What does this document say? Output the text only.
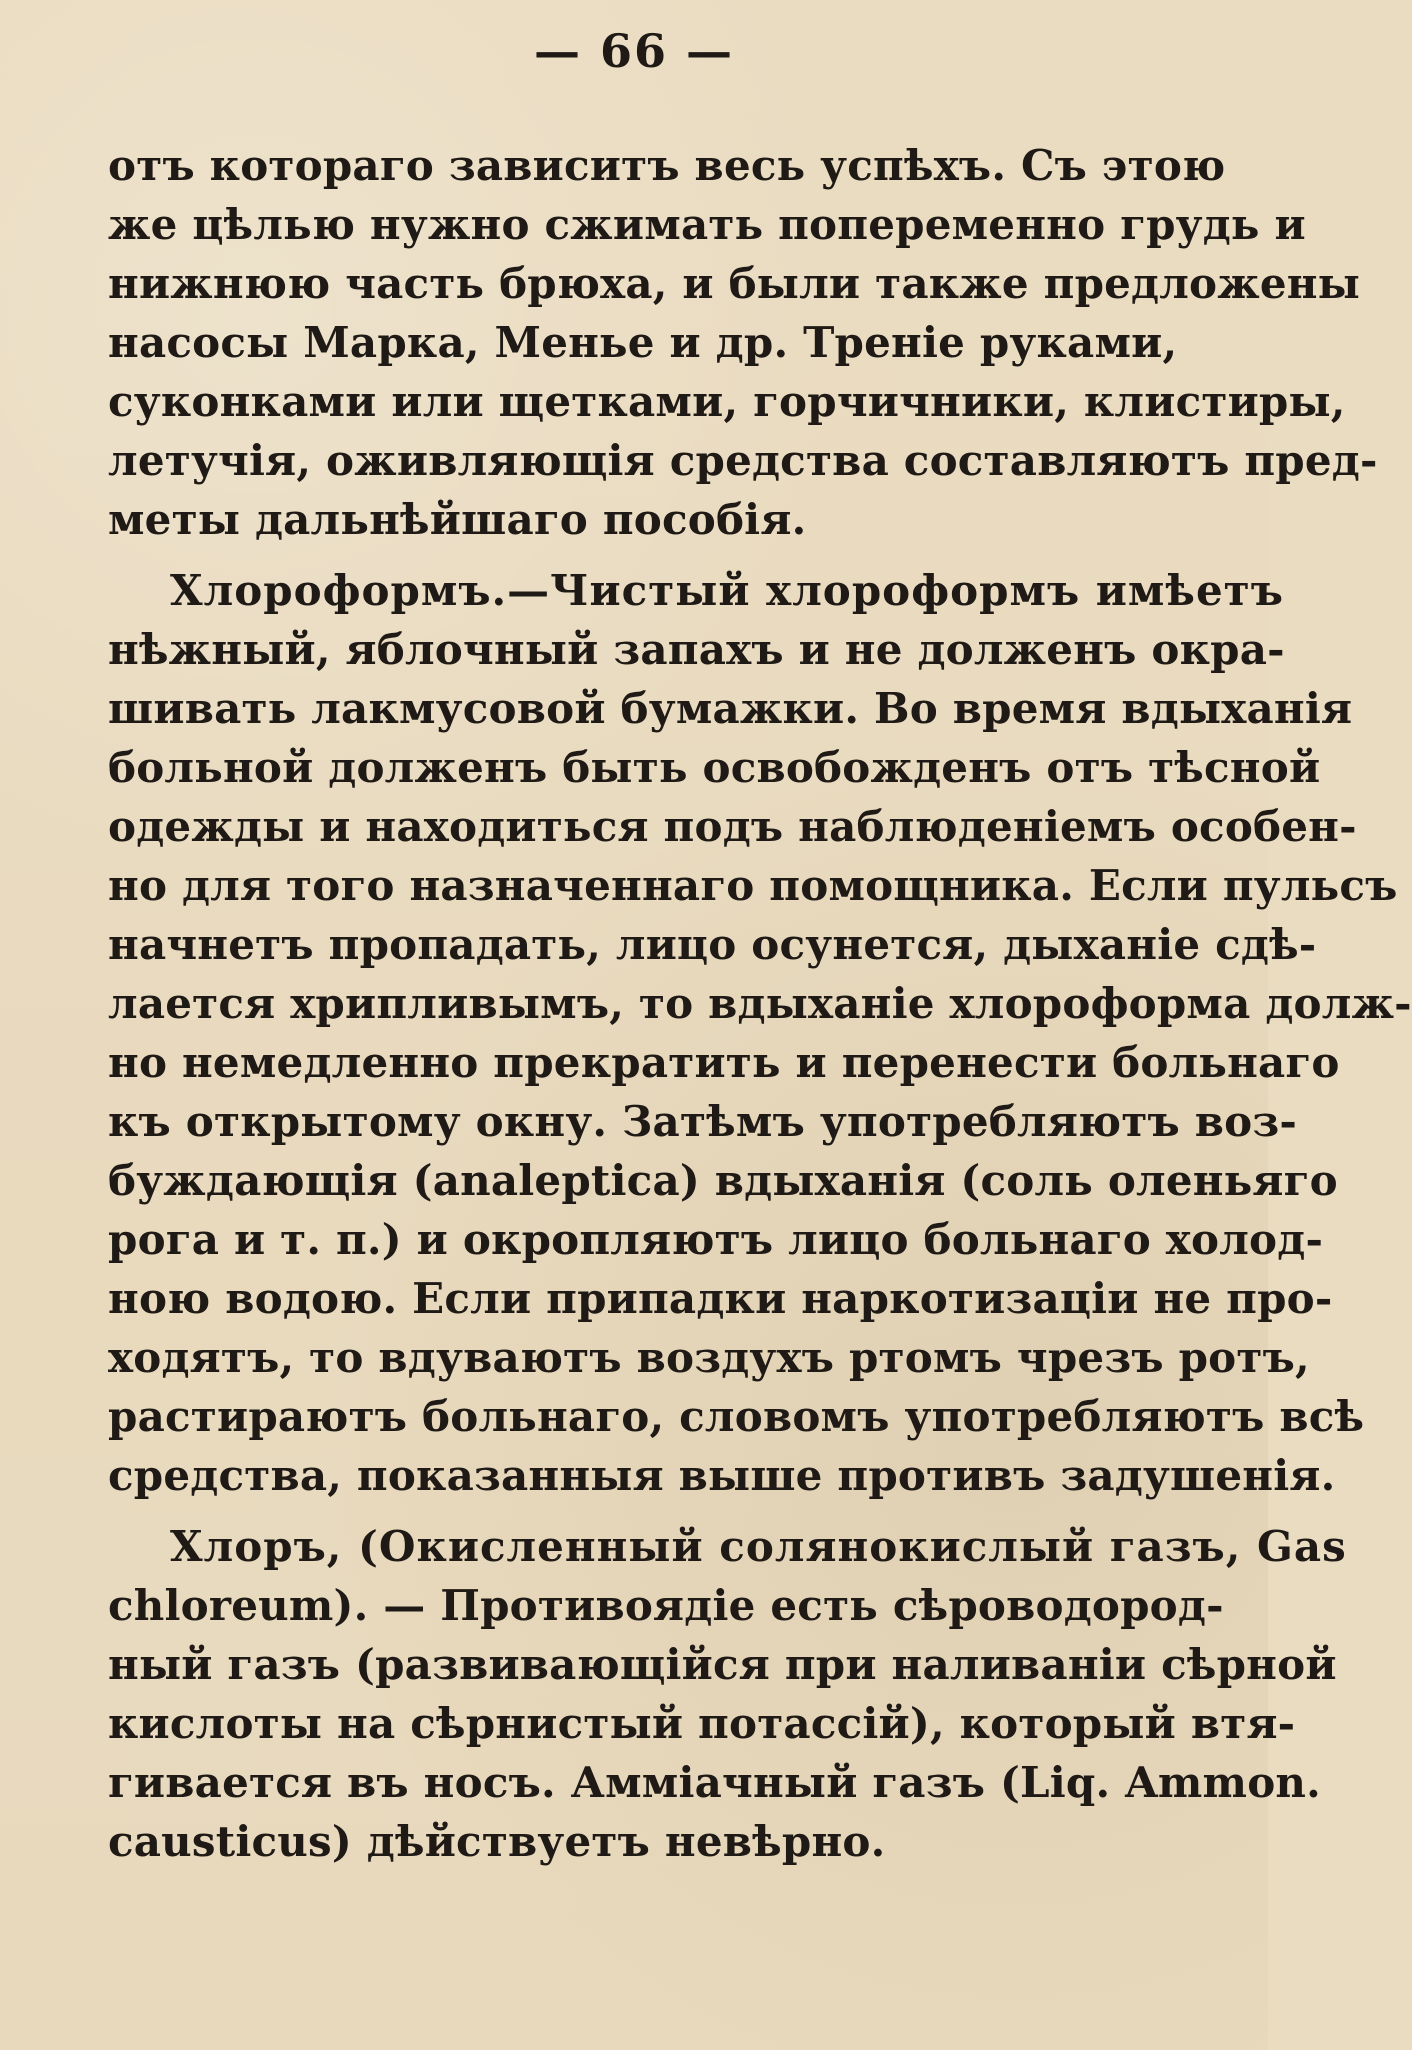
— 66 —
отъ котораго зависитъ весь успѣхъ. Съ этою
же цѣлью нужно сжимать попеременно грудь и
нижнюю часть брюха, и были также предложены
насосы Марка, Менье и др. Треніе руками,
суконками или щетками, горчичники, клистиры,
летучія, оживляющія средства составляютъ пред-
меты дальнѣйшаго пособія.
Хлороформъ.—Чистый хлороформъ имѣетъ
нѣжный, яблочный запахъ и не долженъ окра-
шивать лакмусовой бумажки. Во время вдыханія
больной долженъ быть освобожденъ отъ тѣсной
одежды и находиться подъ наблюденіемъ особен-
но для того назначеннаго помощника. Если пульсъ
начнетъ пропадать, лицо осунется, дыханіе сдѣ-
лается хрипливымъ, то вдыханіе хлороформа долж-
но немедленно прекратить и перенести больнаго
къ открытому окну. Затѣмъ употребляютъ воз-
буждающія (analeptica) вдыханія (соль оленьяго
рога и т. п.) и окропляютъ лицо больнаго холод-
ною водою. Если припадки наркотизаціи не про-
ходятъ, то вдуваютъ воздухъ ртомъ чрезъ ротъ,
растираютъ больнаго, словомъ употребляютъ всѣ
средства, показанныя выше противъ задушенія.
Хлоръ, (Окисленный солянокислый газъ, Gas
chloreum). — Противоядіе есть сѣроводород-
ный газъ (развивающійся при наливаніи сѣрной
кислоты на сѣрнистый потассій), который втя-
гивается въ носъ. Аммiачный газъ (Liq. Ammon.
causticus) дѣйствуетъ невѣрно.
